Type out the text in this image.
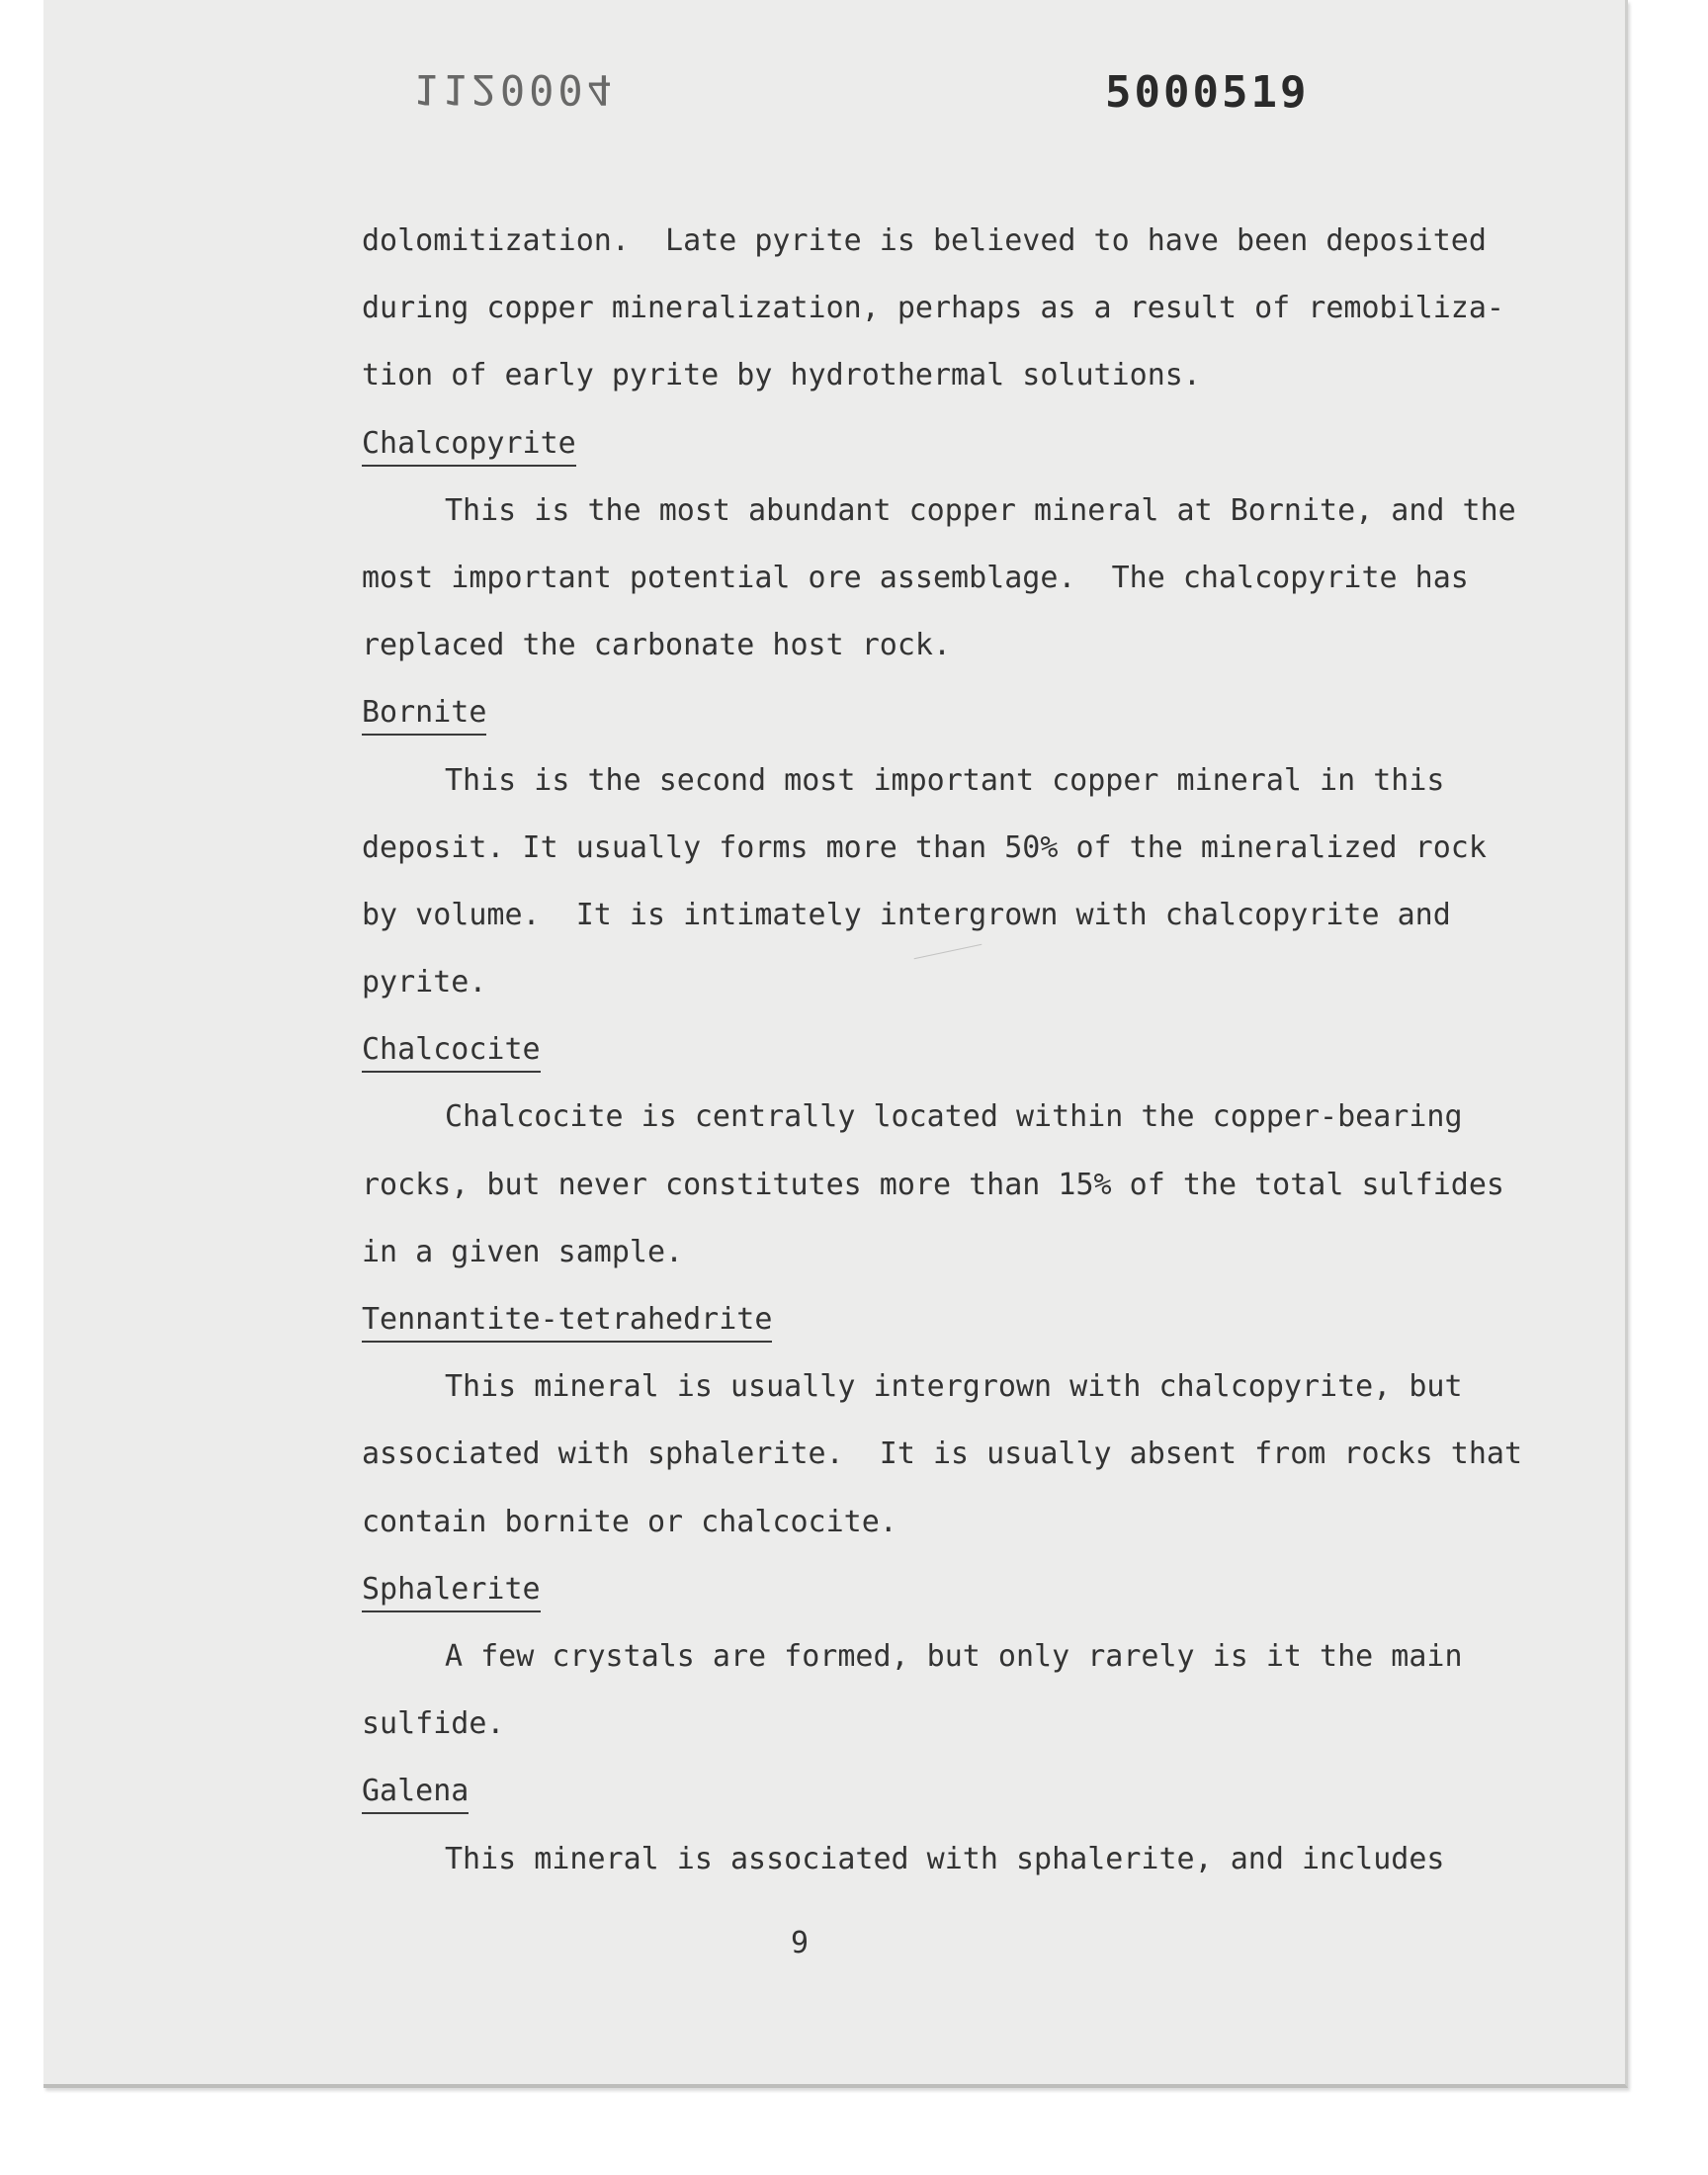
1120004	5000519
dolomitization.  Late pyrite is believed to have been deposited
during copper mineralization, perhaps as a result of remobiliza-
tion of early pyrite by hydrothermal solutions.
Chalcopyrite
This is the most abundant copper mineral at Bornite, and the
most important potential ore assemblage.  The chalcopyrite has
replaced the carbonate host rock.
Bornite
This is the second most important copper mineral in this
deposit. It usually forms more than 50% of the mineralized rock
by volume.  It is intimately intergrown with chalcopyrite and
pyrite.
Chalcocite
Chalcocite is centrally located within the copper-bearing
rocks, but never constitutes more than 15% of the total sulfides
in a given sample.
Tennantite-tetrahedrite
This mineral is usually intergrown with chalcopyrite, but
associated with sphalerite.  It is usually absent from rocks that
contain bornite or chalcocite.
Sphalerite
A few crystals are formed, but only rarely is it the main
sulfide.
Galena
This mineral is associated with sphalerite, and includes
9
